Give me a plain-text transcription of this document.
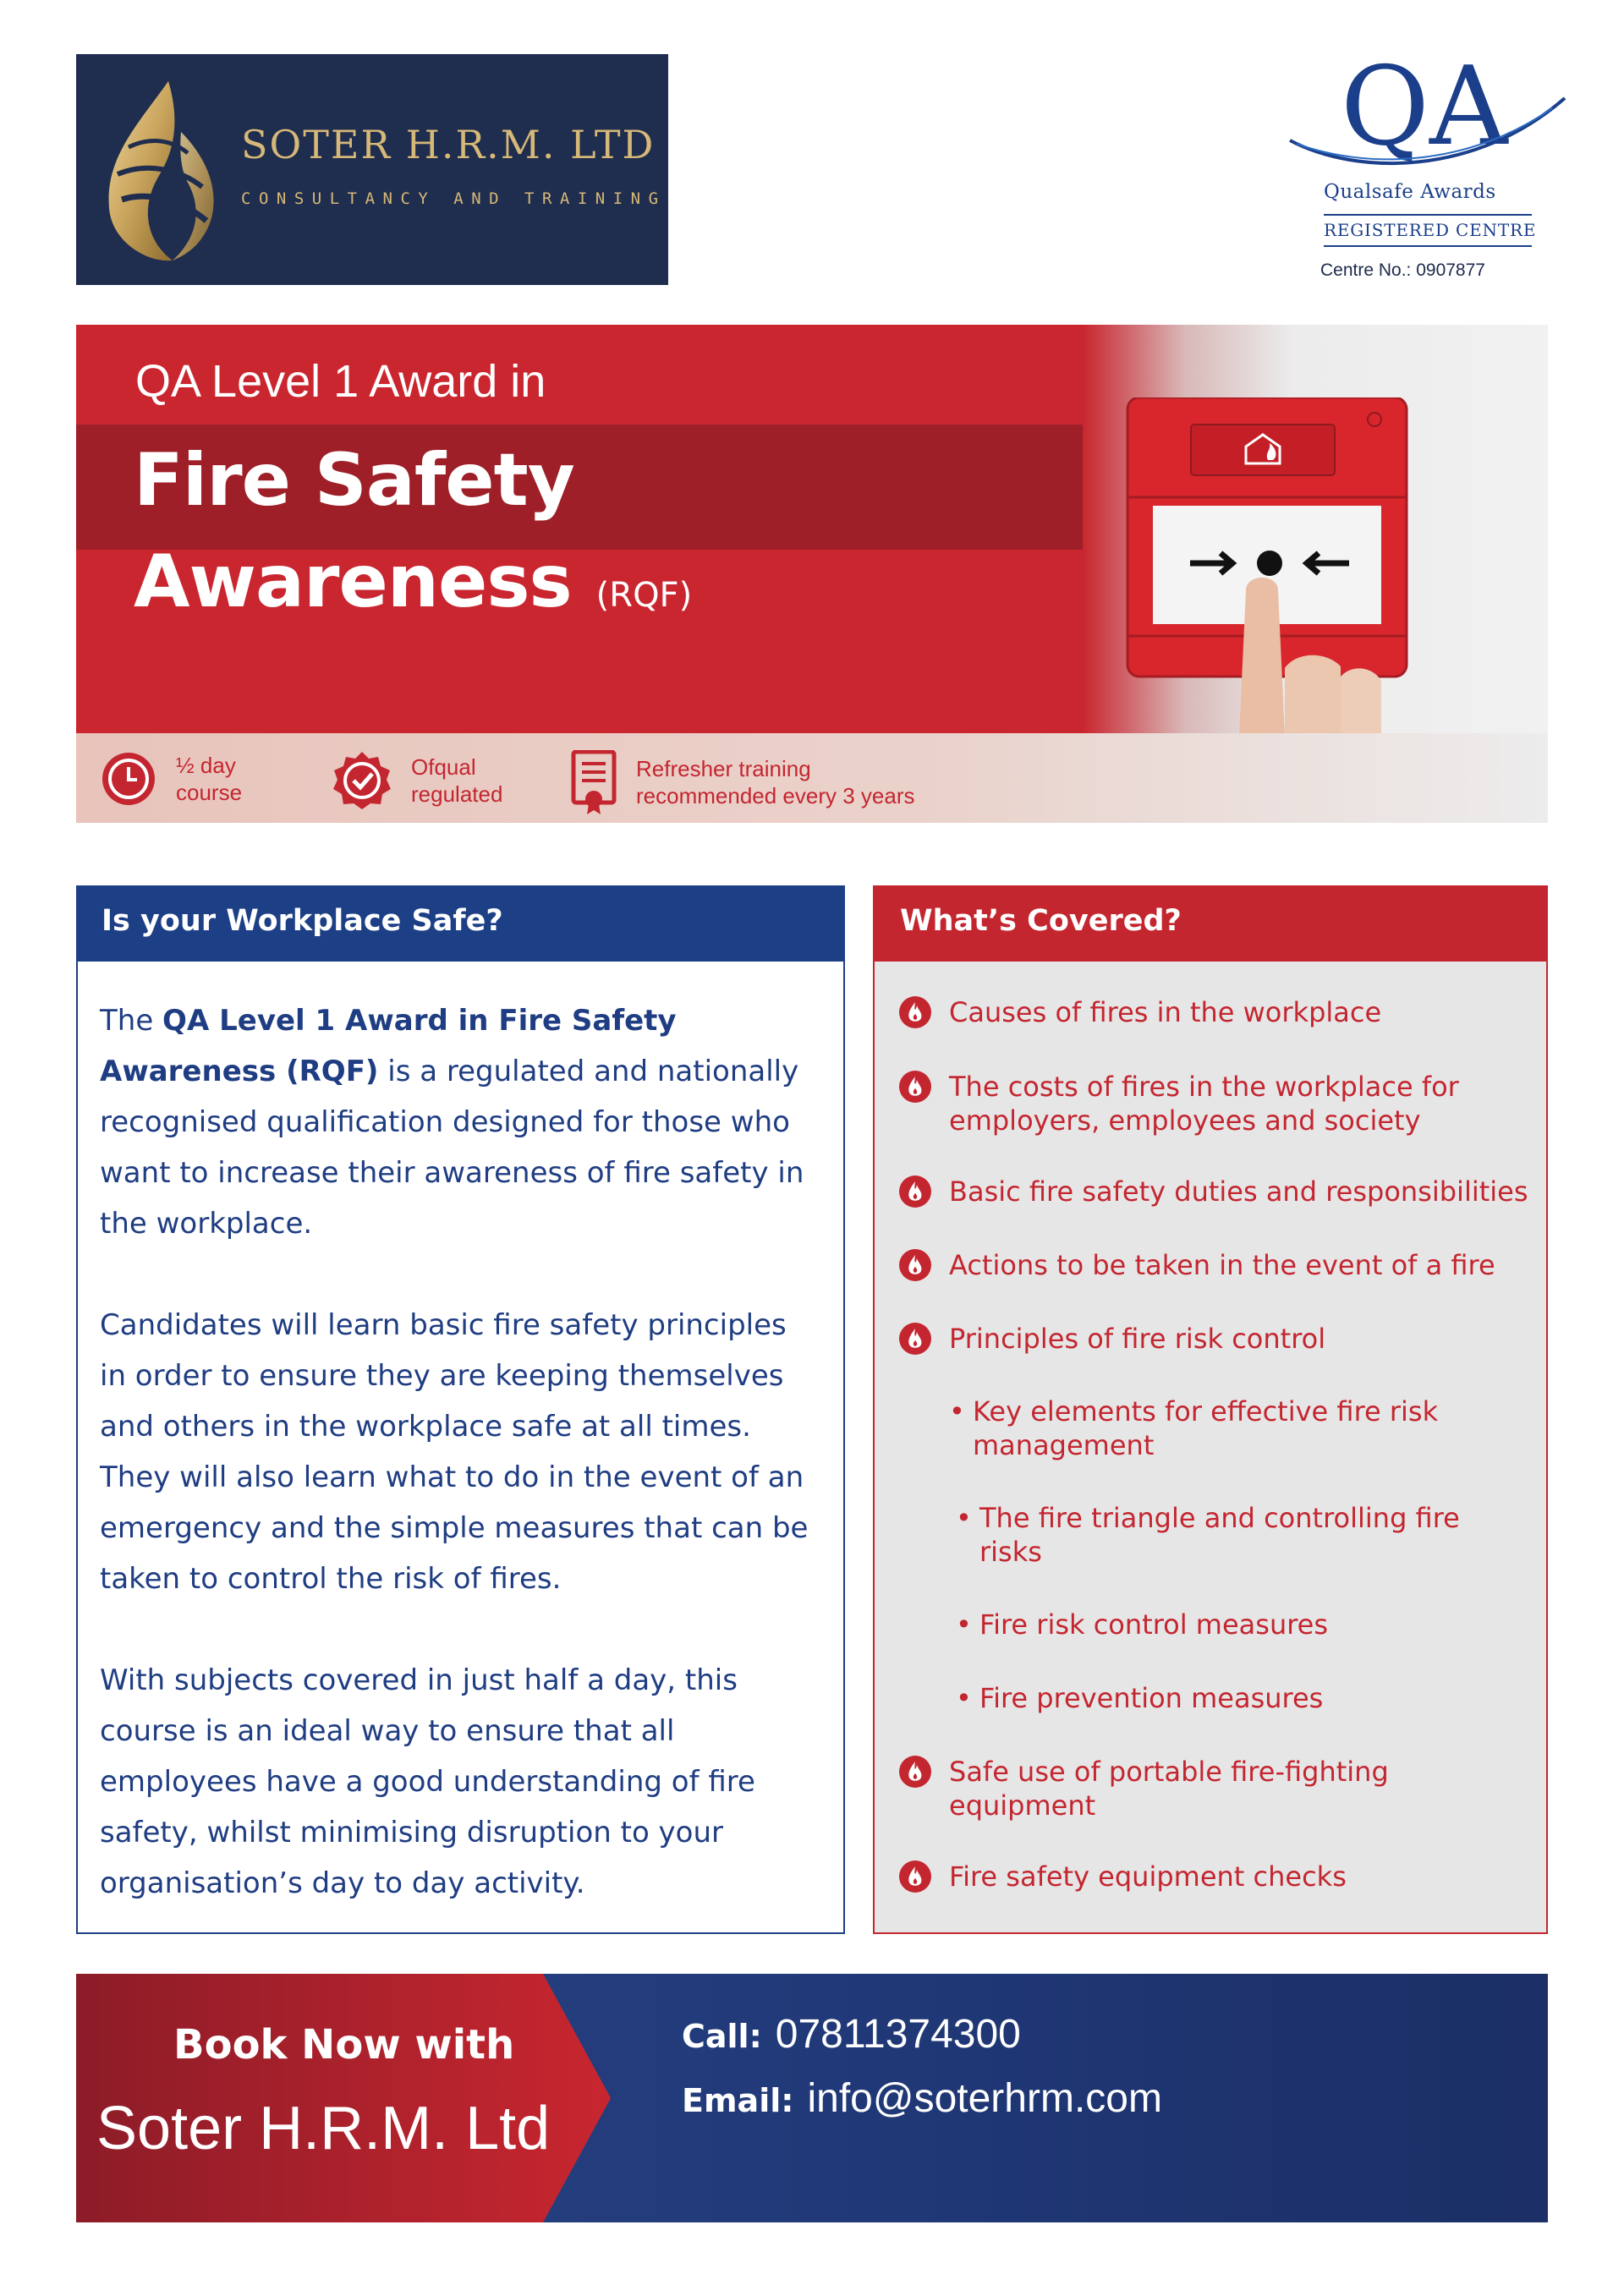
SOTER H.R.M. LTD
CONSULTANCY AND TRAINING
QA
Qualsafe Awards
REGISTERED CENTRE
Centre No.: 0907877
QA Level 1 Award in
Fire Safety
Awareness (RQF)
½ day
course
Ofqual
regulated
Refresher training
recommended every 3 years
Is your Workplace Safe?

The QA Level 1 Award in Fire Safety Awareness (RQF) is a regulated and nationally recognised qualification designed for those who want to increase their awareness of fire safety in the workplace.

Candidates will learn basic fire safety principles in order to ensure they are keeping themselves and others in the workplace safe at all times. They will also learn what to do in the event of an emergency and the simple measures that can be taken to control the risk of fires.

With subjects covered in just half a day, this course is an ideal way to ensure that all employees have a good understanding of fire safety, whilst minimising disruption to your organisation’s day to day activity.

What’s Covered?
Causes of fires in the workplace
The costs of fires in the workplace for employers, employees and society
Basic fire safety duties and responsibilities
Actions to be taken in the event of a fire
Principles of fire risk control
• Key elements for effective fire risk management
• The fire triangle and controlling fire risks
• Fire risk control measures
• Fire prevention measures
Safe use of portable fire-fighting equipment
Fire safety equipment checks
Book Now with
Soter H.R.M. Ltd
Call: 07811374300
Email: info@soterhrm.com
